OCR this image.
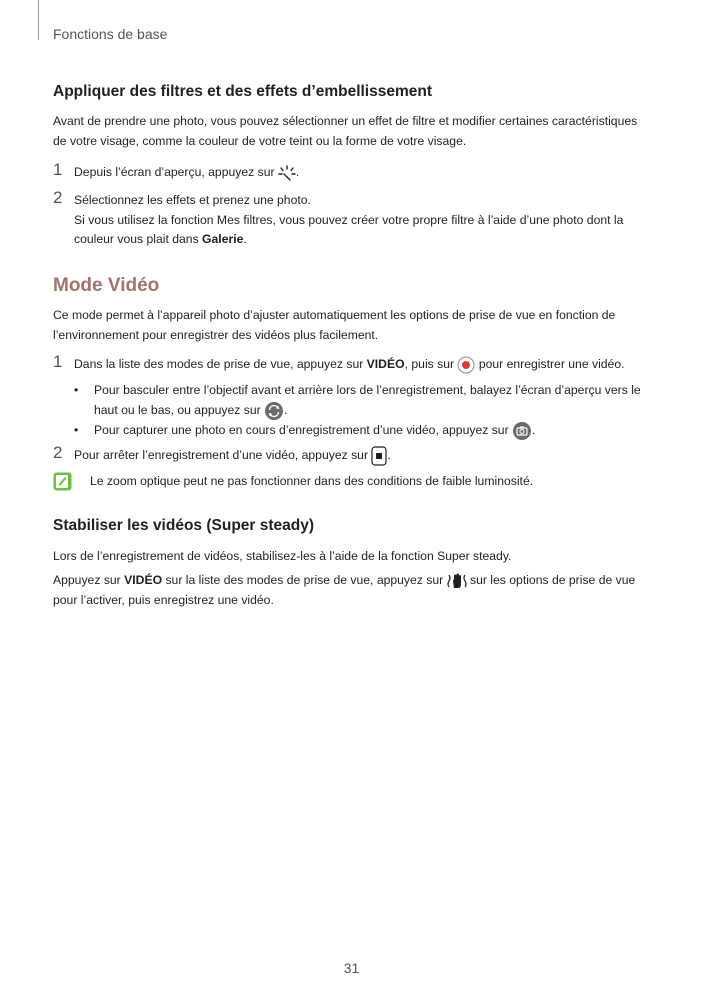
Fonctions de base
Appliquer des filtres et des effets d’embellissement
Avant de prendre une photo, vous pouvez sélectionner un effet de filtre et modifier certaines caractéristiques de votre visage, comme la couleur de votre teint ou la forme de votre visage.
1 Depuis l’écran d’aperçu, appuyez sur
.
2 Sélectionnez les effets et prenez une photo.
Si vous utilisez la fonction Mes filtres, vous pouvez créer votre propre filtre à l’aide d’une photo dont la couleur vous plait dans Galerie.
Mode Vidéo
Ce mode permet à l’appareil photo d’ajuster automatiquement les options de prise de vue en fonction de l’environnement pour enregistrer des vidéos plus facilement.
1 Dans la liste des modes de prise de vue, appuyez sur VIDÉO, puis sur
pour enregistrer une vidéo.
• Pour basculer entre l’objectif avant et arrière lors de l’enregistrement, balayez l’écran d’aperçu vers le haut ou le bas, ou appuyez sur
.
• Pour capturer une photo en cours d’enregistrement d’une vidéo, appuyez sur
.
2 Pour arrêter l’enregistrement d’une vidéo, appuyez sur
.
Le zoom optique peut ne pas fonctionner dans des conditions de faible luminosité.
Stabiliser les vidéos (Super steady)
Lors de l’enregistrement de vidéos, stabilisez-les à l’aide de la fonction Super steady.
Appuyez sur VIDÉO sur la liste des modes de prise de vue, appuyez sur
sur les options de prise de vue pour l’activer, puis enregistrez une vidéo.
31
